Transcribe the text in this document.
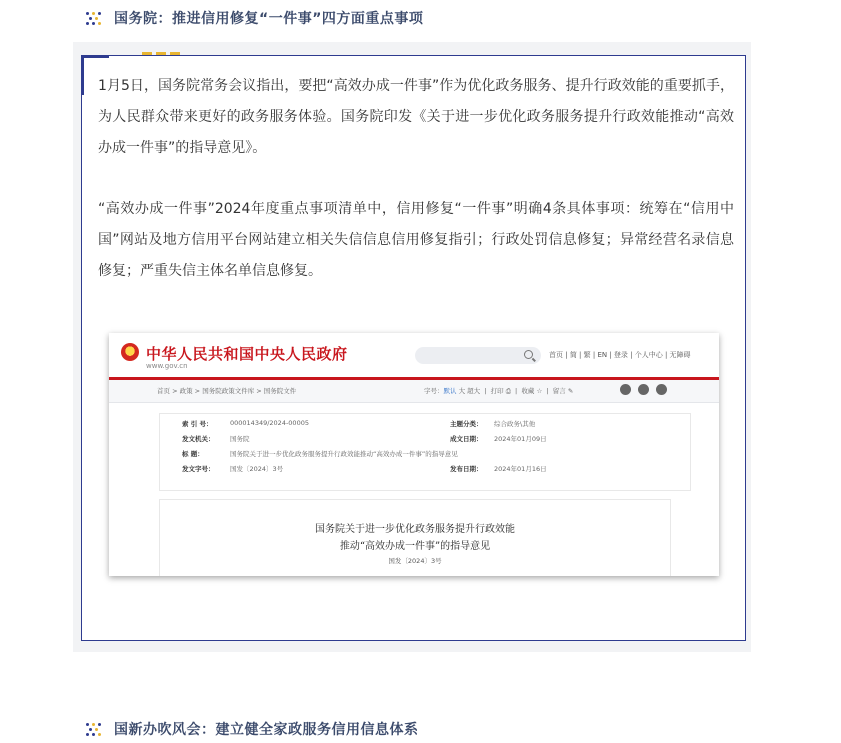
国务院：推进信用修复“一件事”四方面重点事项

1月5日，国务院常务会议指出，要把“高效办成一件事”作为优化政务服务、提升行政效能的重要抓手，为人民群众带来更好的政务服务体验。国务院印发《关于进一步优化政务服务提升行政效能推动“高效办成一件事”的指导意见》。

“高效办成一件事”2024年度重点事项清单中，信用修复“一件事”明确4条具体事项：统筹在“信用中国”网站及地方信用平台网站建立相关失信信息信用修复指引；行政处罚信息修复；异常经营名录信息修复；严重失信主体名单信息修复。

中华人民共和国中央人民政府
www.gov.cn
首页 | 简 | 繁 | EN | 登录 | 个人中心 | 无障碍
首页 > 政策 > 国务院政策文件库 > 国务院文件	字号：默认 大 超大  |  打印 ⎙  |  收藏 ☆  |  留言 ✎
索 引 号：	000014349/2024-00005	主题分类： 综合政务\其他
发文机关： 国务院	成文日期： 2024年01月09日
标 题：	国务院关于进一步优化政务服务提升行政效能推动“高效办成一件事”的指导意见
发文字号： 国发〔2024〕3号	发布日期： 2024年01月16日
国务院关于进一步优化政务服务提升行政效能
推动“高效办成一件事”的指导意见
国发〔2024〕3号
国新办吹风会：建立健全家政服务信用信息体系
